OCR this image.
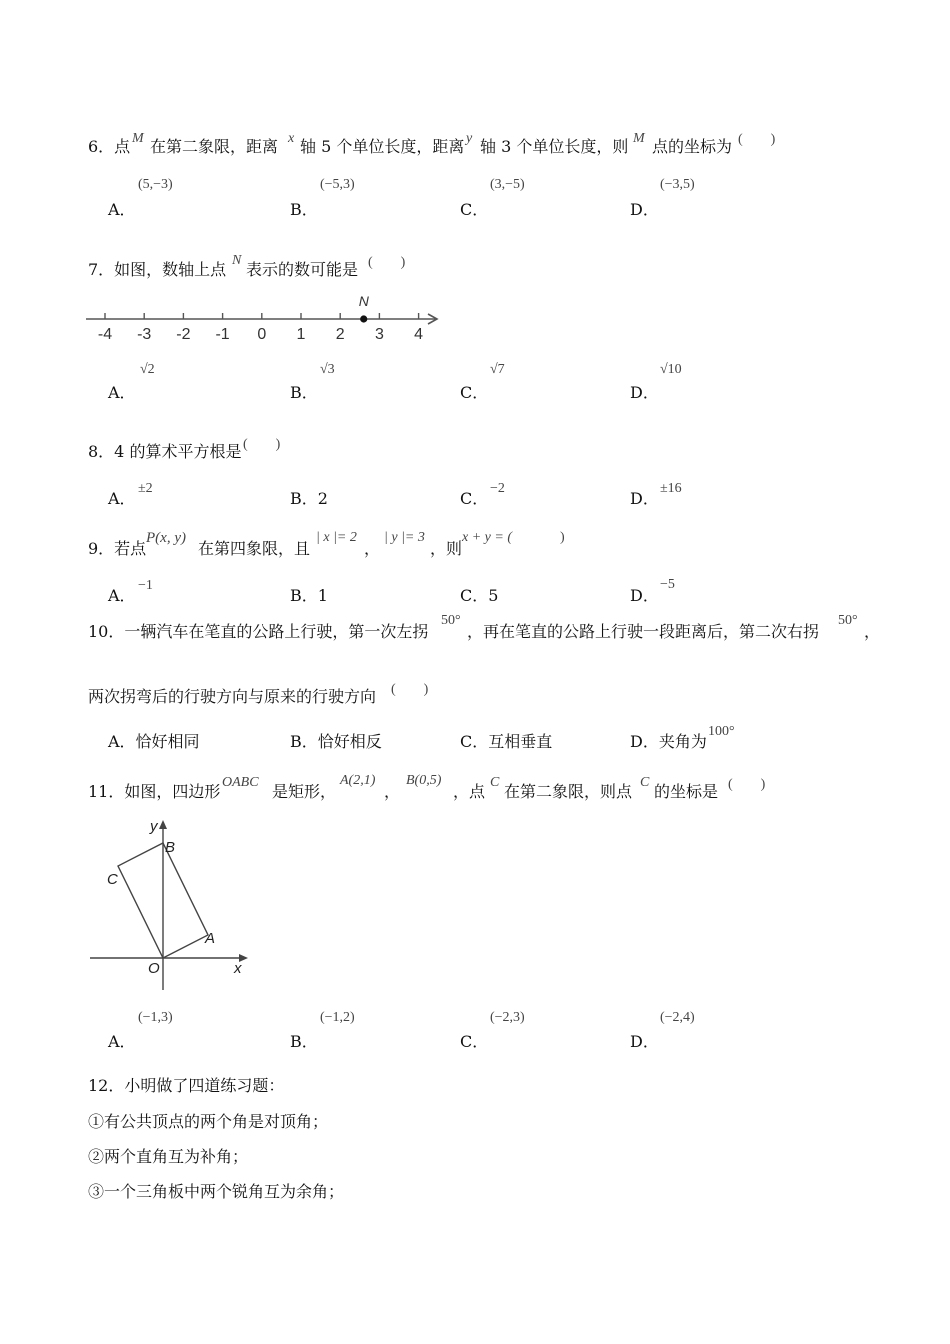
6．点 M 在第二象限，距离 x 轴 5 个单位长度，距离 y 轴 3 个单位长度，则 M 点的坐标为 (　　)
(5,−3)
A．
(−5,3)
B．
(3,−5)
C．
(−3,5)
D．
7．如图，数轴上点 N 表示的数可能是 (　　)
-4 -3 -2 -1 0 1 2 3 4
N
√2
A．
√3
B．
√7
C．
√10
D．
8．4 的算术平方根是 (　　)
A．
±2
B．2	C．
−2
D．
±16
9．若点
P(x, y)
在第四象限，且
| x |= 2
，
| y |= 3
，则
x + y = (	)
A．
−1
B．1	C．5	D．
−5
10．一辆汽车在笔直的公路上行驶，第一次左拐
50°
，再在笔直的公路上行驶一段距离后，第二次右拐
50°
，
两次拐弯后的行驶方向与原来的行驶方向 (　　)
A．恰好相同	B．恰好相反	C．互相垂直	D．夹角为
100°
11．如图，四边形 OABC 是矩形，
A(2,1)
，
B(0,5)
，点 C 在第二象限，则点 C 的坐标是 (　　)
y
x
B
C
A
O
(−1,3)
A．
(−1,2)
B．
(−2,3)
C．
(−2,4)
D．
12．小明做了四道练习题：
①有公共顶点的两个角是对顶角；
②两个直角互为补角；
③一个三角板中两个锐角互为余角；
